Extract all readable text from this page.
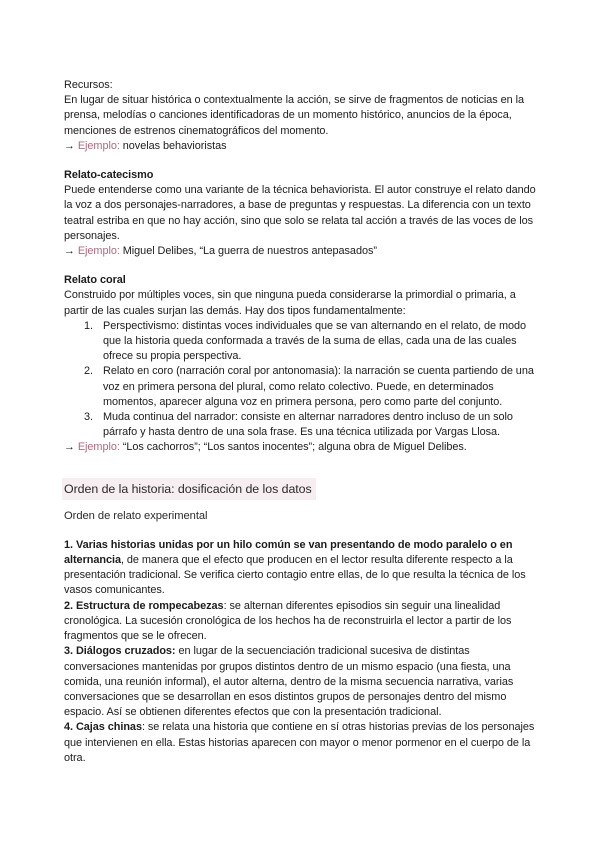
Recursos:

En lugar de situar histórica o contextualmente la acción, se sirve de fragmentos de noticias en la prensa, melodías o canciones identificadoras de un momento histórico, anuncios de la época, menciones de estrenos cinematográficos del momento.

→ Ejemplo: novelas behavioristas

Relato-catecismo

Puede entenderse como una variante de la técnica behaviorista. El autor construye el relato dando la voz a dos personajes-narradores, a base de preguntas y respuestas. La diferencia con un texto teatral estriba en que no hay acción, sino que solo se relata tal acción a través de las voces de los personajes.

→ Ejemplo: Miguel Delibes, “La guerra de nuestros antepasados”

Relato coral

Construido por múltiples voces, sin que ninguna pueda considerarse la primordial o primaria, a partir de las cuales surjan las demás. Hay dos tipos fundamentalmente:

1. Perspectivismo: distintas voces individuales que se van alternando en el relato, de modo que la historia queda conformada a través de la suma de ellas, cada una de las cuales ofrece su propia perspectiva.
2. Relato en coro (narración coral por antonomasia): la narración se cuenta partiendo de una voz en primera persona del plural, como relato colectivo. Puede, en determinados momentos, aparecer alguna voz en primera persona, pero como parte del conjunto.
3. Muda continua del narrador: consiste en alternar narradores dentro incluso de un solo párrafo y hasta dentro de una sola frase. Es una técnica utilizada por Vargas Llosa.

→ Ejemplo: “Los cachorros”; “Los santos inocentes”; alguna obra de Miguel Delibes.

Orden de la historia: dosificación de los datos

Orden de relato experimental

1. Varias historias unidas por un hilo común se van presentando de modo paralelo o en alternancia, de manera que el efecto que producen en el lector resulta diferente respecto a la presentación tradicional. Se verifica cierto contagio entre ellas, de lo que resulta la técnica de los vasos comunicantes.

2. Estructura de rompecabezas: se alternan diferentes episodios sin seguir una linealidad cronológica. La sucesión cronológica de los hechos ha de reconstruirla el lector a partir de los fragmentos que se le ofrecen.

3. Diálogos cruzados: en lugar de la secuenciación tradicional sucesiva de distintas conversaciones mantenidas por grupos distintos dentro de un mismo espacio (una fiesta, una comida, una reunión informal), el autor alterna, dentro de la misma secuencia narrativa, varias conversaciones que se desarrollan en esos distintos grupos de personajes dentro del mismo espacio. Así se obtienen diferentes efectos que con la presentación tradicional.

4. Cajas chinas: se relata una historia que contiene en sí otras historias previas de los personajes que intervienen en ella. Estas historias aparecen con mayor o menor pormenor en el cuerpo de la otra.
